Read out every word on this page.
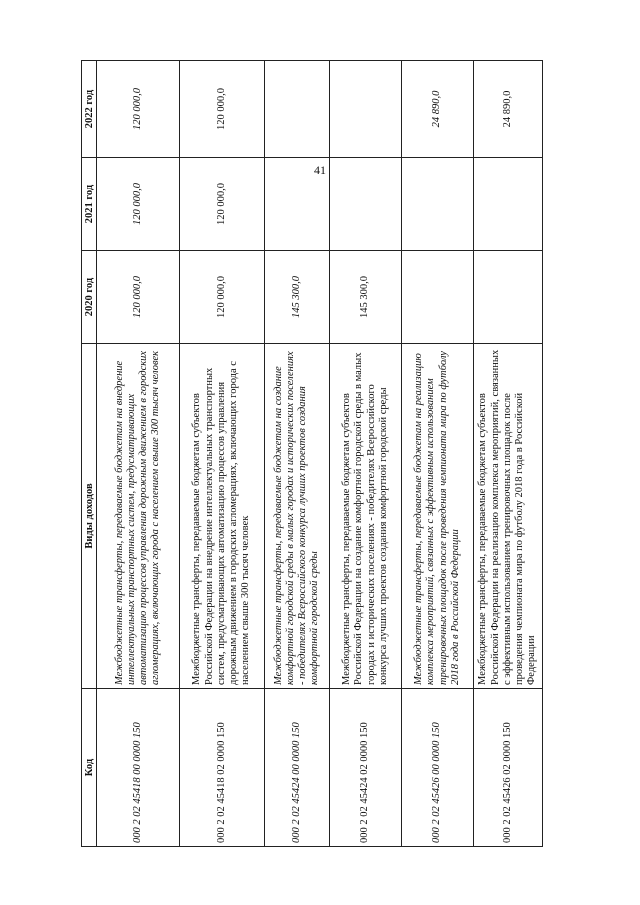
41
Код	Виды доходов	2020 год	2021 год	2022 год
000 2 02 45418 00 0000 150	Межбюджетные трансферты, передаваемые бюджетам на внедрение интеллектуальных транспортных систем, предусматривающих автоматизацию процессов управления дорожным движением в городских агломерациях, включающих города с населением свыше 300 тысяч человек	120 000,0	120 000,0	120 000,0
000 2 02 45418 02 0000 150	Межбюджетные трансферты, передаваемые бюджетам субъектов Российской Федерации на внедрение интеллектуальных транспортных систем, предусматривающих автоматизацию процессов управления дорожным движением в городских агломерациях, включающих города с населением свыше 300 тысяч человек	120 000,0	120 000,0	120 000,0
000 2 02 45424 00 0000 150	Межбюджетные трансферты, передаваемые бюджетам на создание комфортной городской среды в малых городах и исторических поселениях - победителях Всероссийского конкурса лучших проектов создания комфортной городской среды	145 300,0		
000 2 02 45424 02 0000 150	Межбюджетные трансферты, передаваемые бюджетам субъектов Российской Федерации на создание комфортной городской среды в малых городах и исторических поселениях - победителях Всероссийского конкурса лучших проектов создания комфортной городской среды	145 300,0		
000 2 02 45426 00 0000 150	Межбюджетные трансферты, передаваемые бюджетам на реализацию комплекса мероприятий, связанных с эффективным использованием тренировочных площадок после проведения чемпионата мира по футболу 2018 года в Российской Федерации			24 890,0
000 2 02 45426 02 0000 150	Межбюджетные трансферты, передаваемые бюджетам субъектов Российской Федерации на реализацию комплекса мероприятий, связанных с эффективным использованием тренировочных площадок после проведения чемпионата мира по футболу 2018 года в Российской Федерации			24 890,0
